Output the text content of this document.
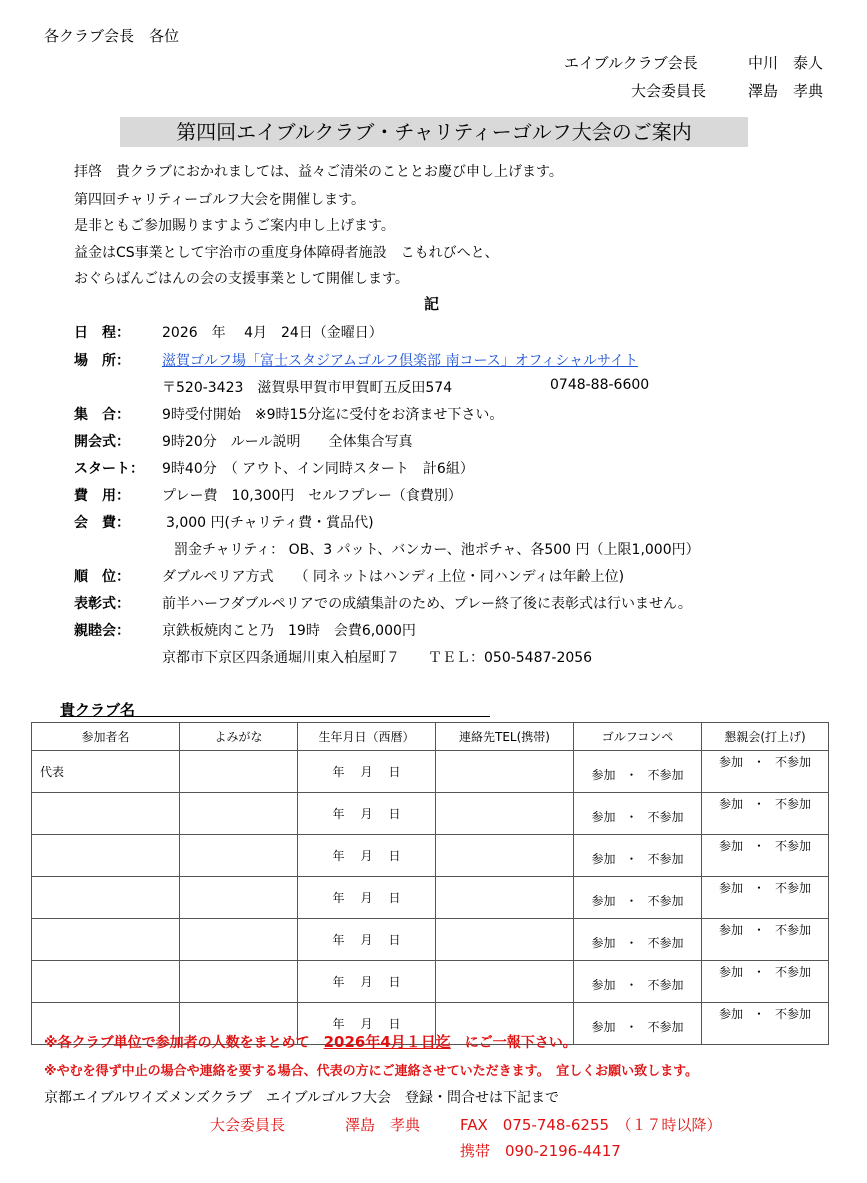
各クラブ会長　各位
エイブルクラブ会長	中川　泰人
大会委員長	澤島　孝典
第四回エイブルクラブ・チャリティーゴルフ大会のご案内
拝啓　貴クラブにおかれましては、益々ご清栄のこととお慶び申し上げます。
第四回チャリティーゴルフ大会を開催します。
是非ともご参加賜りますようご案内申し上げます。
益金はCS事業として宇治市の重度身体障碍者施設　こもれびへと、
おぐらばんごはんの会の支援事業として開催します。
記
日　程： 2026　年　 4月　24日（金曜日）
場　所： 滋賀ゴルフ場「富士スタジアムゴルフ倶楽部 南コース」オフィシャルサイト
〒520-3423　滋賀県甲賀市甲賀町五反田574	0748-88-6600
集　合： 9時受付開始　※9時15分迄に受付をお済ませ下さい。
開会式： 9時20分　ルール説明　　全体集合写真
スタート： 9時40分　（ アウト、イン同時スタート　計6組）
費　用： プレー費　10,300円　セルフプレー（食費別）
会　費：	3,000 円(チャリティ費・賞品代)
罰金チャリティ： OB、3 パット、バンカー、池ポチャ、各500 円（上限1,000円）
順　位： ダブルペリア方式　　（ 同ネットはハンディ上位・同ハンディは年齢上位)
表彰式： 前半ハーフダブルペリアでの成績集計のため、プレー終了後に表彰式は行いません。
親睦会： 京鉄板焼肉こと乃　19時　会費6,000円
京都市下京区四条通堀川東入柏屋町７　　ＴＥＬ：050-5487-2056
貴クラブ名
参加者名	よみがな	生年月日（西暦）	連絡先TEL(携帯)	ゴルフコンペ	懇親会(打上げ)
代表		年 月 日		参加 ・ 不参加	参加 ・ 不参加
		年 月 日		参加 ・ 不参加	参加 ・ 不参加
		年 月 日		参加 ・ 不参加	参加 ・ 不参加
		年 月 日		参加 ・ 不参加	参加 ・ 不参加
		年 月 日		参加 ・ 不参加	参加 ・ 不参加
		年 月 日		参加 ・ 不参加	参加 ・ 不参加
		年 月 日		参加 ・ 不参加	参加 ・ 不参加
※各クラブ単位で参加者の人数をまとめて　2026年4月１日迄　にご一報下さい。
※やむを得ず中止の場合や連絡を要する場合、代表の方にご連絡させていただきます。　宜しくお願い致します。
京都エイブルワイズメンズクラブ　エイブルゴルフ大会　登録・問合せは下記まで
大会委員長	澤島　孝典	FAX　075-748-6255　（１７時以降）
携帯　090-2196-4417
